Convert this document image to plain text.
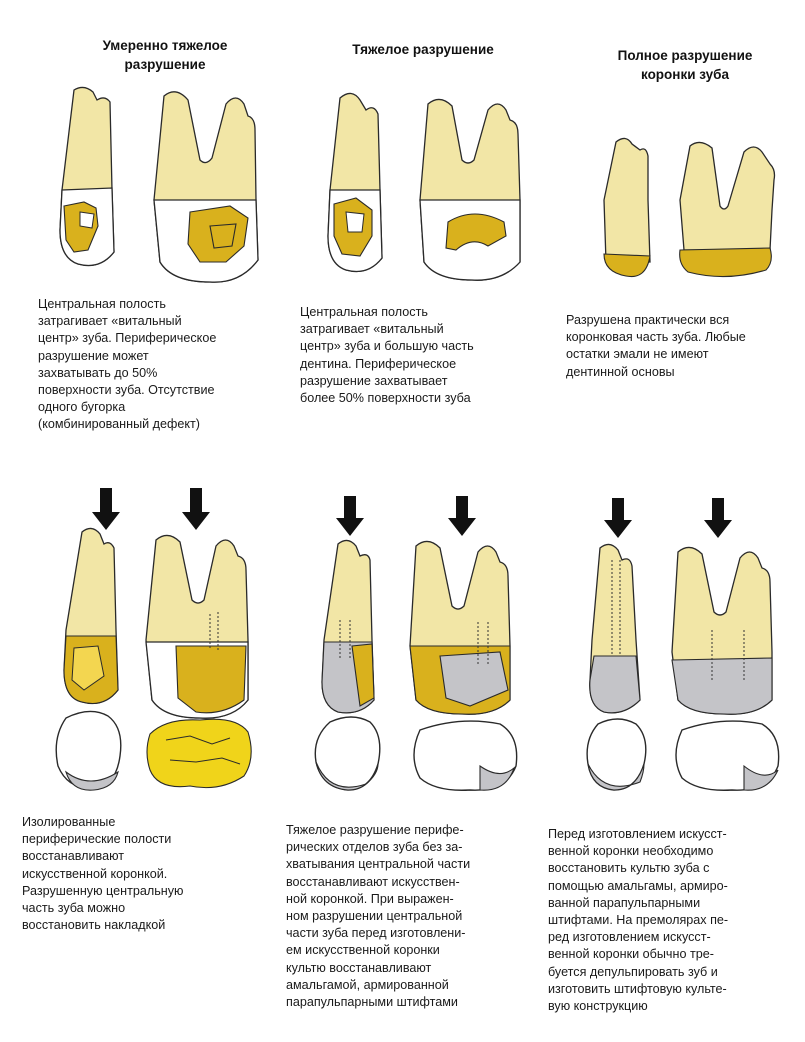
Умеренно тяжелое
разрушение
Тяжелое разрушение	Полное разрушение
коронки зуба
Центральная полость
затрагивает «витальный
центр» зуба. Периферическое
разрушение может
захватывать до 50%
поверхности зуба. Отсутствие
одного бугорка
(комбинированный дефект)
Центральная полость
затрагивает «витальный
центр» зуба и большую часть
дентина. Периферическое
разрушение захватывает
более 50% поверхности зуба
Разрушена практически вся
коронковая часть зуба. Любые
остатки эмали не имеют
дентинной основы
Изолированные
периферические полости
восстанавливают
искусственной коронкой.
Разрушенную центральную
часть зуба можно
восстановить накладкой
Тяжелое разрушение перифе-
рических отделов зуба без за-
хватывания центральной части
восстанавливают искусствен-
ной коронкой. При выражен-
ном разрушении центральной
части зуба перед изготовлени-
ем искусственной коронки
культю восстанавливают
амальгамой, армированной
парапульпарными штифтами
Перед изготовлением искусст-
венной коронки необходимо
восстановить культю зуба с
помощью амальгамы, армиро-
ванной парапульпарными
штифтами. На премолярах пе-
ред изготовлением искусст-
венной коронки обычно тре-
буется депульпировать зуб и
изготовить штифтовую культе-
вую конструкцию
